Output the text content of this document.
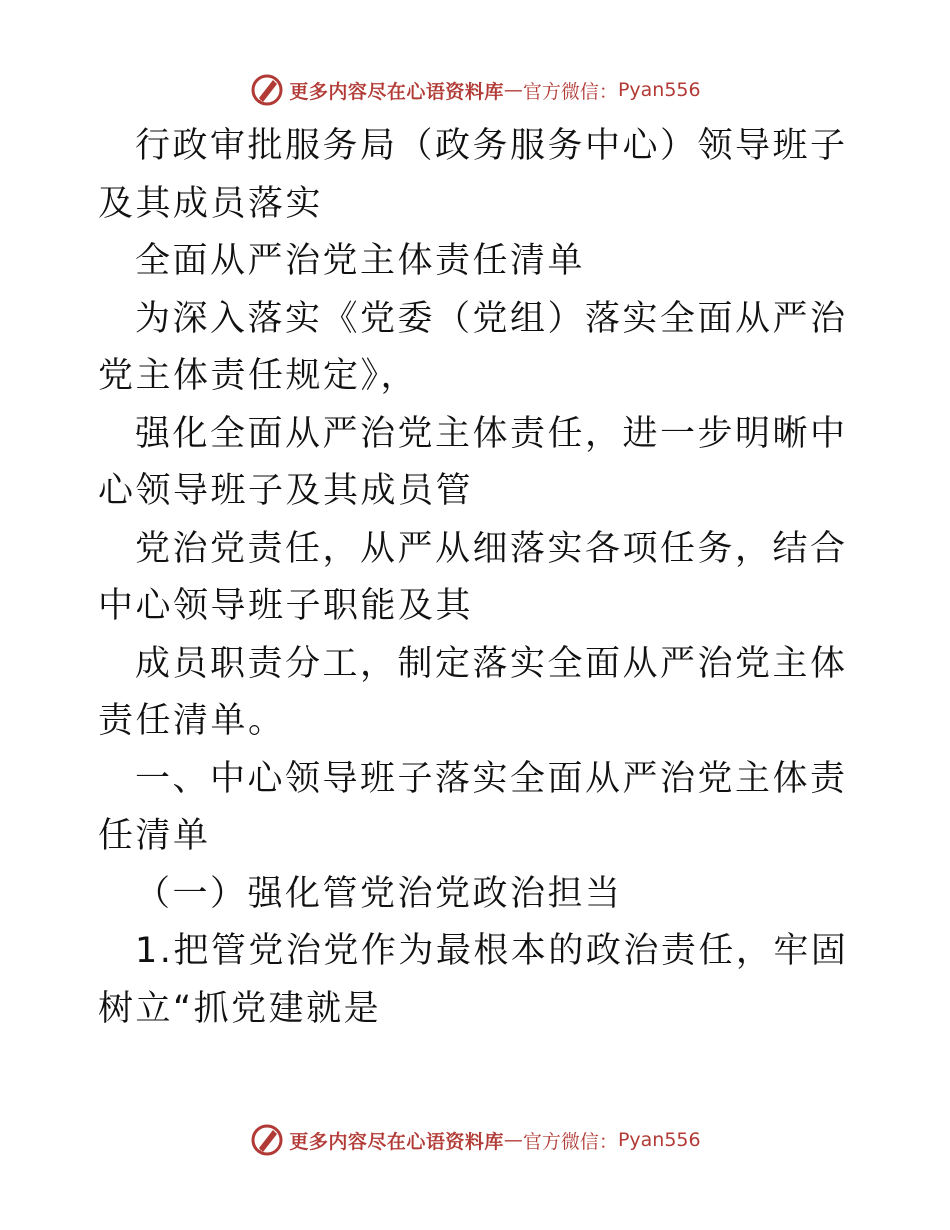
更多内容尽在心语资料库 — 官方微信： Pyan556

行政审批服务局（政务服务中心）领导班子及其成员落实

全面从严治党主体责任清单

为深入落实《党委（党组）落实全面从严治党主体责任规定》，

强化全面从严治党主体责任，进一步明晰中心领导班子及其成员管

党治党责任，从严从细落实各项任务，结合中心领导班子职能及其

成员职责分工，制定落实全面从严治党主体责任清单。

一、中心领导班子落实全面从严治党主体责任清单

（一）强化管党治党政治担当

1.把管党治党作为最根本的政治责任，牢固树立“抓党建就是

更多内容尽在心语资料库 — 官方微信： Pyan556
